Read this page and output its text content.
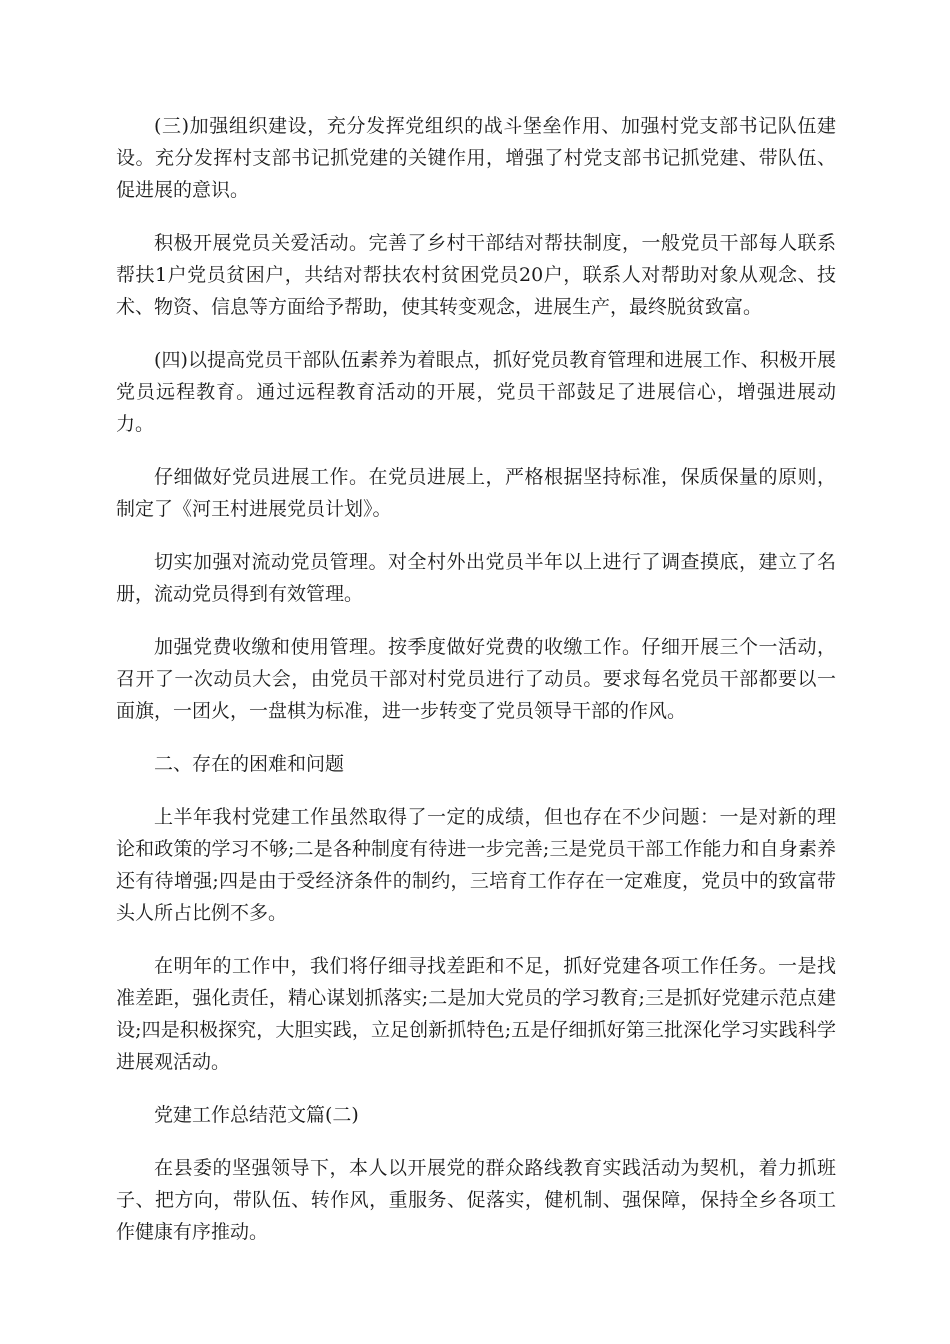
(三)加强组织建设，充分发挥党组织的战斗堡垒作用、加强村党支部书记队伍建设。充分发挥村支部书记抓党建的关键作用，增强了村党支部书记抓党建、带队伍、促进展的意识。

积极开展党员关爱活动。完善了乡村干部结对帮扶制度，一般党员干部每人联系帮扶1户党员贫困户，共结对帮扶农村贫困党员20户，联系人对帮助对象从观念、技术、物资、信息等方面给予帮助，使其转变观念，进展生产，最终脱贫致富。

(四)以提高党员干部队伍素养为着眼点，抓好党员教育管理和进展工作、积极开展党员远程教育。通过远程教育活动的开展，党员干部鼓足了进展信心，增强进展动力。

仔细做好党员进展工作。在党员进展上，严格根据坚持标准，保质保量的原则，制定了《河王村进展党员计划》。

切实加强对流动党员管理。对全村外出党员半年以上进行了调查摸底，建立了名册，流动党员得到有效管理。

加强党费收缴和使用管理。按季度做好党费的收缴工作。仔细开展三个一活动，召开了一次动员大会，由党员干部对村党员进行了动员。要求每名党员干部都要以一面旗，一团火，一盘棋为标准，进一步转变了党员领导干部的作风。

二、存在的困难和问题

上半年我村党建工作虽然取得了一定的成绩，但也存在不少问题：一是对新的理论和政策的学习不够;二是各种制度有待进一步完善;三是党员干部工作能力和自身素养还有待增强;四是由于受经济条件的制约，三培育工作存在一定难度，党员中的致富带头人所占比例不多。

在明年的工作中，我们将仔细寻找差距和不足，抓好党建各项工作任务。一是找准差距，强化责任，精心谋划抓落实;二是加大党员的学习教育;三是抓好党建示范点建设;四是积极探究，大胆实践，立足创新抓特色;五是仔细抓好第三批深化学习实践科学进展观活动。

党建工作总结范文篇(二)

在县委的坚强领导下，本人以开展党的群众路线教育实践活动为契机，着力抓班子、把方向，带队伍、转作风，重服务、促落实，健机制、强保障，保持全乡各项工作健康有序推动。
